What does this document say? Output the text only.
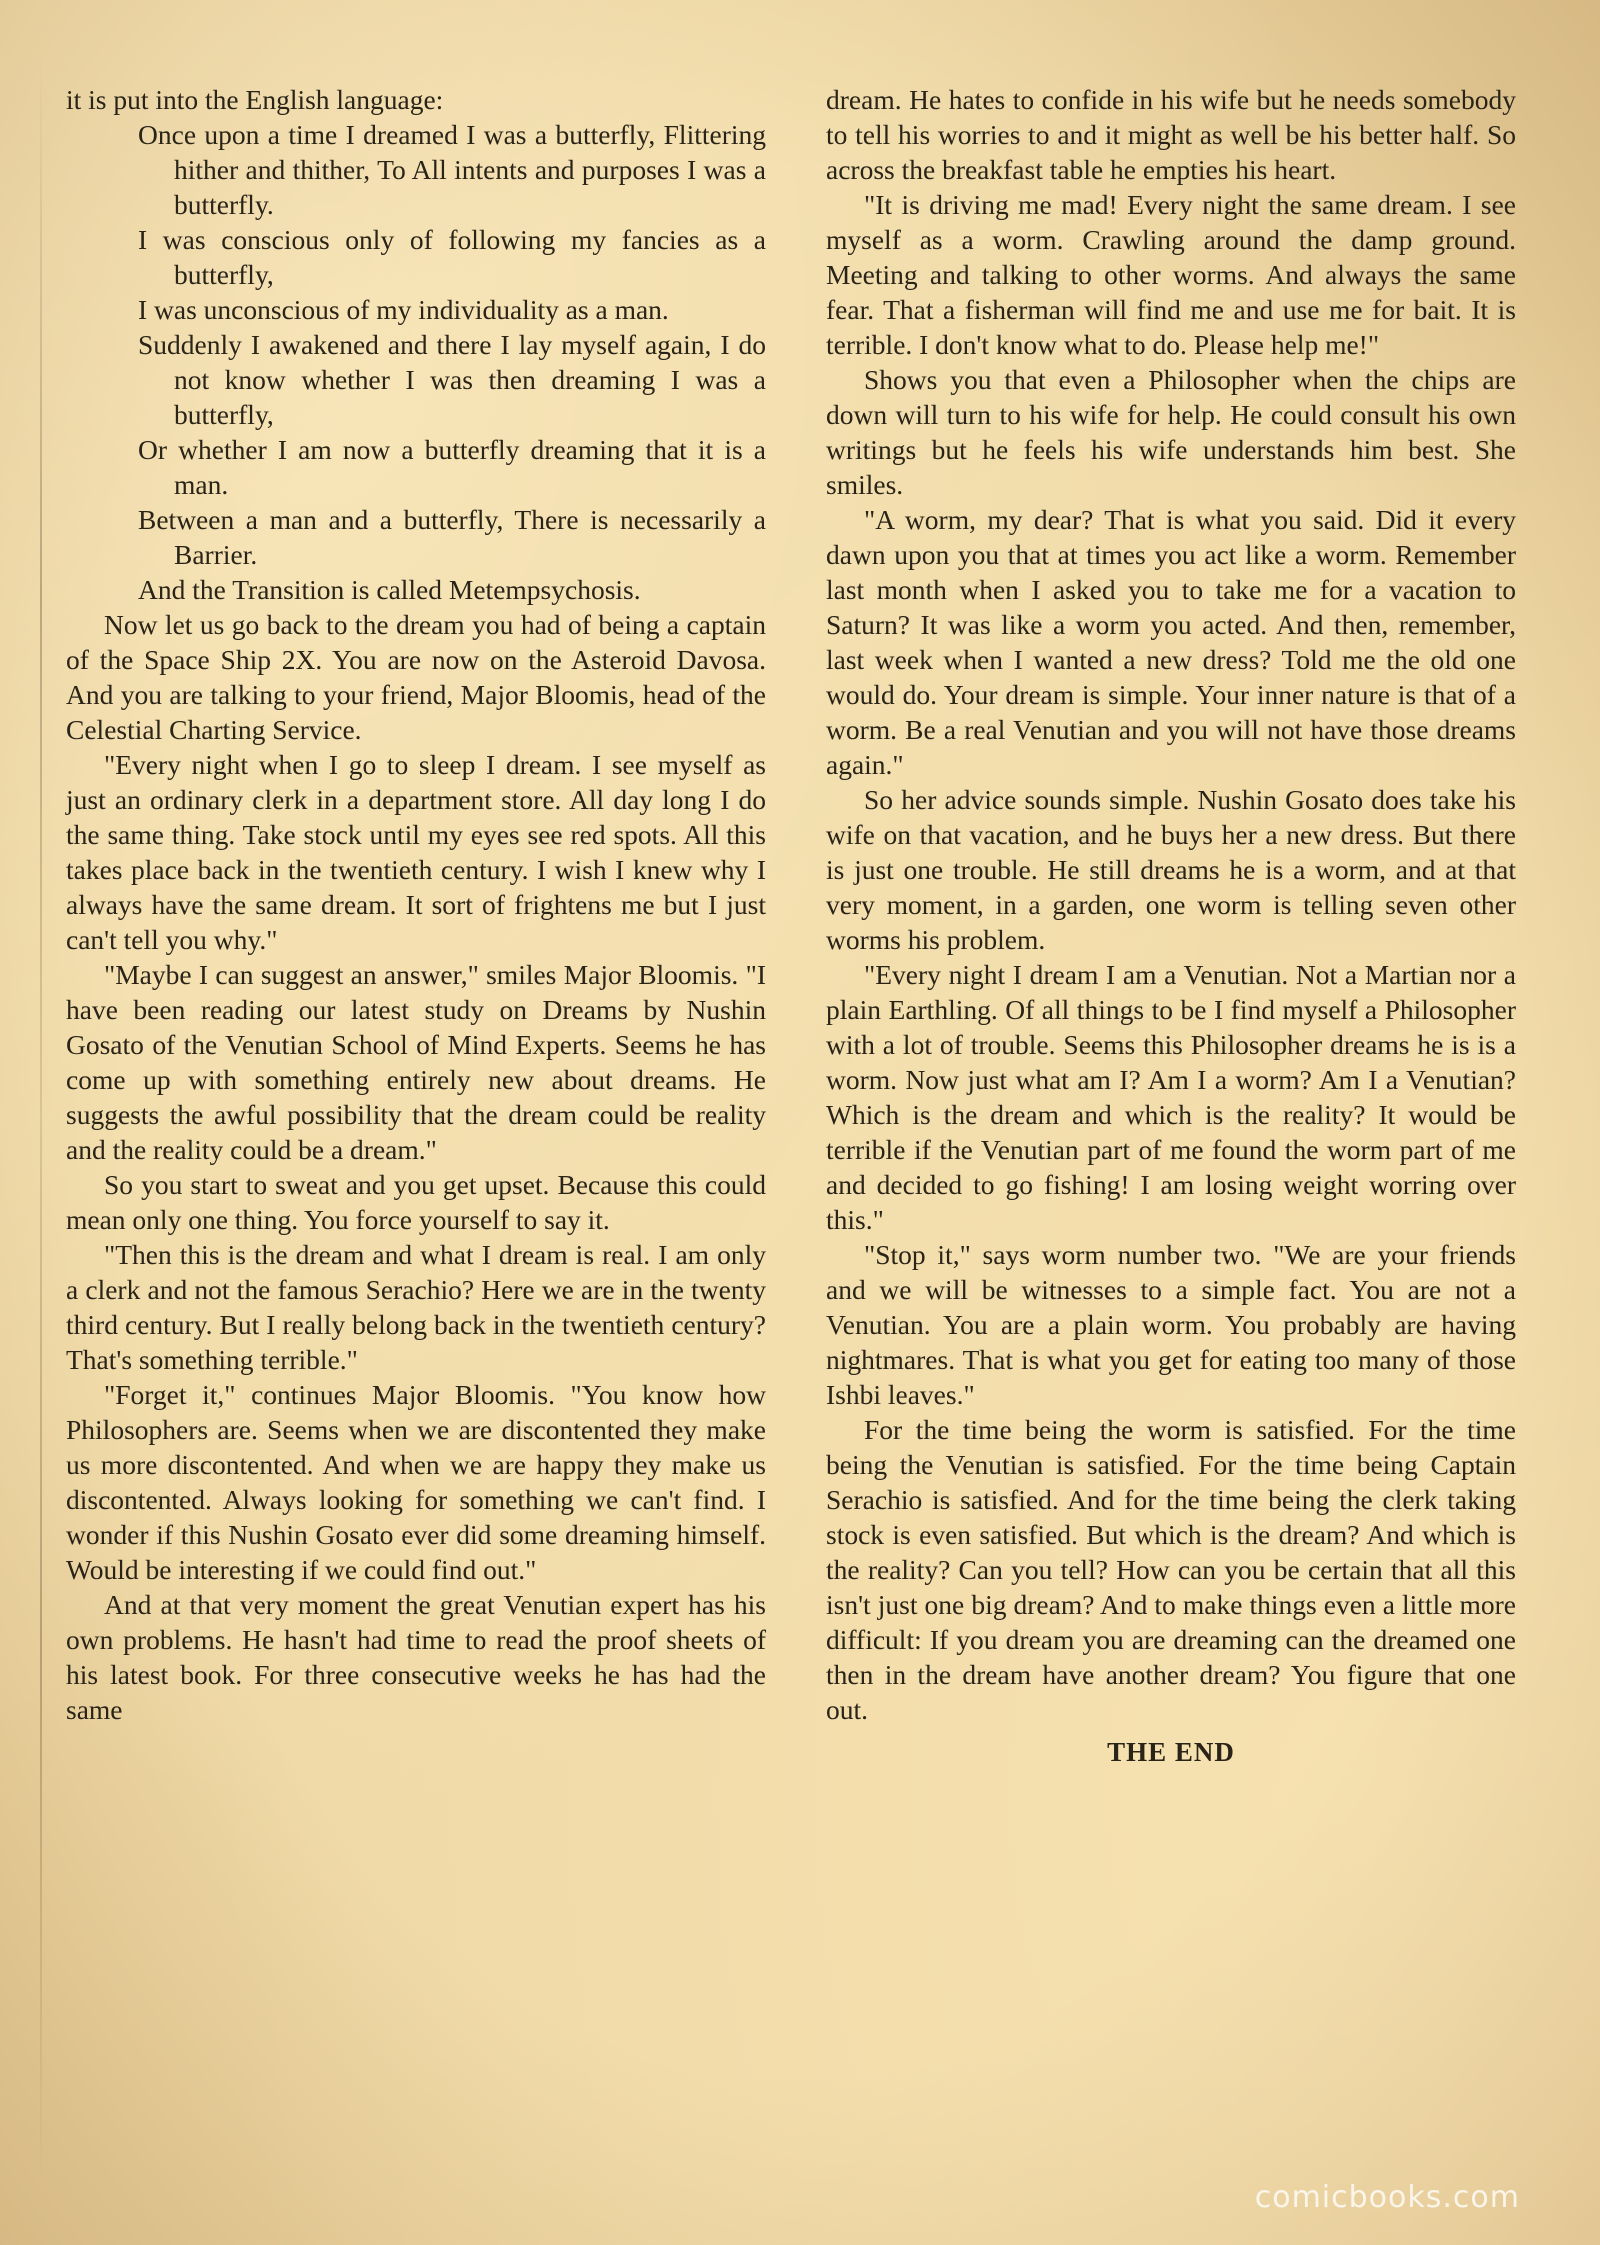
it is put into the English language:

Once upon a time I dreamed I was a butterfly, Flittering hither and thither, To All intents and purposes I was a butterfly.

I was conscious only of following my fancies as a butterfly,

I was unconscious of my individuality as a man.

Suddenly I awakened and there I lay myself again, I do not know whether I was then dreaming I was a butterfly,

Or whether I am now a butterfly dreaming that it is a man.

Between a man and a butterfly, There is necessarily a Barrier.

And the Transition is called Metempsychosis.

Now let us go back to the dream you had of being a captain of the Space Ship 2X. You are now on the Asteroid Davosa. And you are talking to your friend, Major Bloomis, head of the Celestial Charting Service.

"Every night when I go to sleep I dream. I see myself as just an ordinary clerk in a department store. All day long I do the same thing. Take stock until my eyes see red spots. All this takes place back in the twentieth century. I wish I knew why I always have the same dream. It sort of frightens me but I just can't tell you why."

"Maybe I can suggest an answer," smiles Major Bloomis. "I have been reading our latest study on Dreams by Nushin Gosato of the Venutian School of Mind Experts. Seems he has come up with something entirely new about dreams. He suggests the awful possibility that the dream could be reality and the reality could be a dream."

So you start to sweat and you get upset. Because this could mean only one thing. You force yourself to say it.

"Then this is the dream and what I dream is real. I am only a clerk and not the famous Serachio? Here we are in the twenty third century. But I really belong back in the twentieth century? That's something terrible."

"Forget it," continues Major Bloomis. "You know how Philosophers are. Seems when we are discontented they make us more discontented. And when we are happy they make us discontented. Always looking for something we can't find. I wonder if this Nushin Gosato ever did some dreaming himself. Would be interesting if we could find out."

And at that very moment the great Venutian expert has his own problems. He hasn't had time to read the proof sheets of his latest book. For three consecutive weeks he has had the same

dream. He hates to confide in his wife but he needs somebody to tell his worries to and it might as well be his better half. So across the breakfast table he empties his heart.

"It is driving me mad! Every night the same dream. I see myself as a worm. Crawling around the damp ground. Meeting and talking to other worms. And always the same fear. That a fisherman will find me and use me for bait. It is terrible. I don't know what to do. Please help me!"

Shows you that even a Philosopher when the chips are down will turn to his wife for help. He could consult his own writings but he feels his wife understands him best. She smiles.

"A worm, my dear? That is what you said. Did it every dawn upon you that at times you act like a worm. Remember last month when I asked you to take me for a vacation to Saturn? It was like a worm you acted. And then, remember, last week when I wanted a new dress? Told me the old one would do. Your dream is simple. Your inner nature is that of a worm. Be a real Venutian and you will not have those dreams again."

So her advice sounds simple. Nushin Gosato does take his wife on that vacation, and he buys her a new dress. But there is just one trouble. He still dreams he is a worm, and at that very moment, in a garden, one worm is telling seven other worms his problem.

"Every night I dream I am a Venutian. Not a Martian nor a plain Earthling. Of all things to be I find myself a Philosopher with a lot of trouble. Seems this Philosopher dreams he is is a worm. Now just what am I? Am I a worm? Am I a Venutian? Which is the dream and which is the reality? It would be terrible if the Venutian part of me found the worm part of me and decided to go fishing! I am losing weight worring over this."

"Stop it," says worm number two. "We are your friends and we will be witnesses to a simple fact. You are not a Venutian. You are a plain worm. You probably are having nightmares. That is what you get for eating too many of those Ishbi leaves."

For the time being the worm is satisfied. For the time being the Venutian is satisfied. For the time being Captain Serachio is satisfied. And for the time being the clerk taking stock is even satisfied. But which is the dream? And which is the reality? Can you tell? How can you be certain that all this isn't just one big dream? And to make things even a little more difficult: If you dream you are dreaming can the dreamed one then in the dream have another dream? You figure that one out.

THE END
comicbooks.com
